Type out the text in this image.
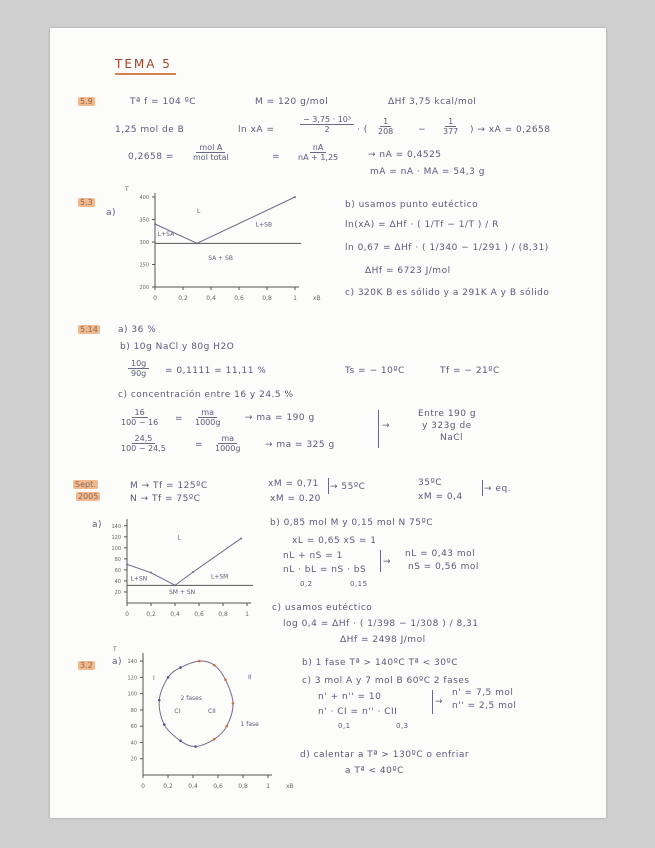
TEMA 5
5.9	Tª f = 104 ºC	M = 120 g/mol	ΔHf 3,75 kcal/mol
1,25 mol de B	ln xA =	$\frac{\text{− 3,75 · 10³}}{2}$ · ( $\frac{1}{208} - \frac{1}{377}$ ) → xA = 0,2658
0,2658 =
mol A
mol total	= $\frac{nA}{nA + 1,25}$	→ nA = 0,4525
mA = nA · MA = 54,3 g
5.3
a)
b) usamos punto eutéctico
ln(xA) = ΔHf · ( 1/Tf − 1/T ) / R
ln 0,67 = ΔHf · ( 1/340 − 1/291 ) / (8,31)
ΔHf = 6723 J/mol
c) 320K B es sólido y a 291K A y B sólido
5.14 a) 36 %
b) 10g NaCl y 80g H2O
$\frac{10g}{90g} = 0,1111 = 11,11$ %	Ts = − 10ºC	Tf = − 21ºC
c) concentración entre 16 y 24.5 %
$\frac{16}{100 - 16} = \frac{ma}{1000g}$ → ma = 190 g
$\frac{24,5}{100 - 24,5}$	= $\frac{ma}{1000g}$ → ma = 325 g
→
Entre 190 g
y 323g de
NaCl
Sept.
2005
M → Tf = 125ºC
N → Tf = 75ºC
xM = 0,71
xM = 0.20
→ 55ºC	35ºC
xM = 0,4
→ eq.
a)	b) 0,85 mol M y 0,15 mol N 75ºC
xL = 0,65 xS = 1
nL + nS = 1
nL · bL = nS · bS
0,2	0,15
→
nL = 0,43 mol
nS = 0,56 mol
c) usamos eutéctico
log 0,4 = ΔHf · ( 1/398 − 1/308 ) / 8,31
ΔHf = 2498 J/mol
3.2 a)	b) 1 fase Tª > 140ºC Tª < 30ºC
c) 3 mol A y 7 mol B 60ºC 2 fases
n' + n'' = 10
n' · CI = n'' · CII
0,1	0,3
→
n' = 7,5 mol
n'' = 2,5 mol
d) calentar a Tª > 130ºC o enfriar
a Tª < 40ºC
400
350
300
250
200
0	0,2	0,4	0,6	0,8	1
T
xB
L
L+SB
L+SA
SA + SB
140
120
100
80
60
40
20
0	0,2 0,4 0,6 0,8	1
L
L+SN	L+SM
SM + SN
140
120
100
80
60
40
20
0	0,2	0,4	0,6	0,8	1
T
xB
I	II
2 fases
1 fase
CI	CII
